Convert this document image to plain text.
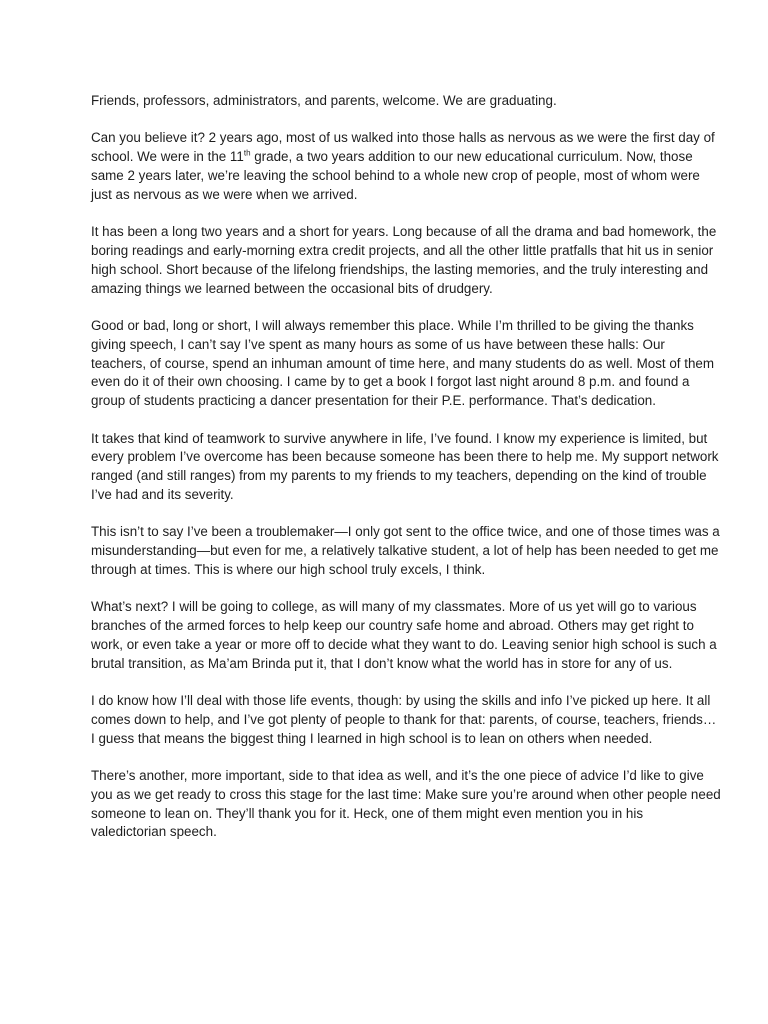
Friends, professors, administrators, and parents, welcome. We are graduating.

Can you believe it? 2 years ago, most of us walked into those halls as nervous as we were the first day of school. We were in the 11th grade, a two years addition to our new educational curriculum. Now, those same 2 years later, we’re leaving the school behind to a whole new crop of people, most of whom were just as nervous as we were when we arrived.

It has been a long two years and a short for years. Long because of all the drama and bad homework, the boring readings and early-morning extra credit projects, and all the other little pratfalls that hit us in senior high school. Short because of the lifelong friendships, the lasting memories, and the truly interesting and amazing things we learned between the occasional bits of drudgery.

Good or bad, long or short, I will always remember this place. While I’m thrilled to be giving the thanks giving speech, I can’t say I’ve spent as many hours as some of us have between these halls: Our teachers, of course, spend an inhuman amount of time here, and many students do as well. Most of them even do it of their own choosing. I came by to get a book I forgot last night around 8 p.m. and found a group of students practicing a dancer presentation for their P.E. performance. That’s dedication.

It takes that kind of teamwork to survive anywhere in life, I’ve found. I know my experience is limited, but every problem I’ve overcome has been because someone has been there to help me. My support network ranged (and still ranges) from my parents to my friends to my teachers, depending on the kind of trouble I’ve had and its severity.

This isn’t to say I’ve been a troublemaker—I only got sent to the office twice, and one of those times was a misunderstanding—but even for me, a relatively talkative student, a lot of help has been needed to get me through at times. This is where our high school truly excels, I think.

What’s next? I will be going to college, as will many of my classmates. More of us yet will go to various branches of the armed forces to help keep our country safe home and abroad. Others may get right to work, or even take a year or more off to decide what they want to do. Leaving senior high school is such a brutal transition, as Ma’am Brinda put it, that I don’t know what the world has in store for any of us.

I do know how I’ll deal with those life events, though: by using the skills and info I’ve picked up here. It all comes down to help, and I’ve got plenty of people to thank for that: parents, of course, teachers, friends… I guess that means the biggest thing I learned in high school is to lean on others when needed.

There’s another, more important, side to that idea as well, and it’s the one piece of advice I’d like to give you as we get ready to cross this stage for the last time: Make sure you’re around when other people need someone to lean on. They’ll thank you for it. Heck, one of them might even mention you in his valedictorian speech.
